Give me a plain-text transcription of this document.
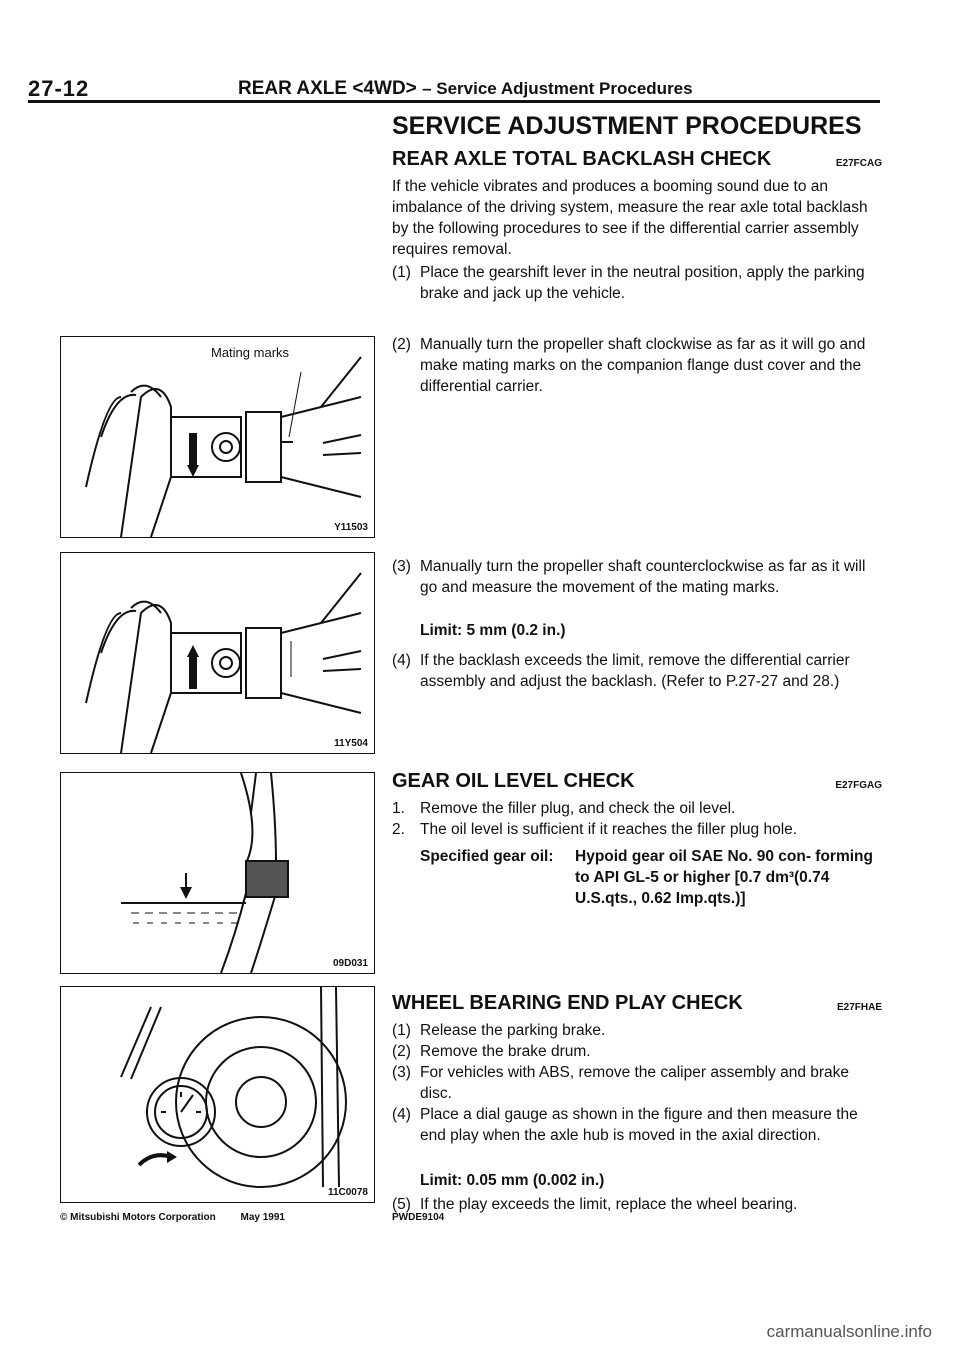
27-12	REAR AXLE <4WD> – Service Adjustment Procedures
SERVICE ADJUSTMENT PROCEDURES
REAR AXLE TOTAL BACKLASH CHECK	E27FCAG
If the vehicle vibrates and produces a booming sound due to an imbalance of the driving system, measure the rear axle total backlash by the following procedures to see if the differential carrier assembly requires removal.
(1) Place the gearshift lever in the neutral position, apply the parking brake and jack up the vehicle.
(2) Manually turn the propeller shaft clockwise as far as it will go and make mating marks on the companion flange dust cover and the differential carrier.
(3) Manually turn the propeller shaft counterclockwise as far as it will go and measure the movement of the mating marks.
Limit: 5 mm (0.2 in.)
(4) If the backlash exceeds the limit, remove the differential carrier assembly and adjust the backlash. (Refer to P.27-27 and 28.)
GEAR OIL LEVEL CHECK	E27FGAG
1. Remove the filler plug, and check the oil level.
2. The oil level is sufficient if it reaches the filler plug hole.
Specified gear oil:	Hypoid gear oil SAE No. 90 con- forming to API GL-5 or higher [0.7 dm³(0.74 U.S.qts., 0.62 Imp.qts.)]
WHEEL BEARING END PLAY CHECK	E27FHAE
(1) Release the parking brake.
(2) Remove the brake drum.
(3) For vehicles with ABS, remove the caliper assembly and brake disc.
(4) Place a dial gauge as shown in the figure and then measure the end play when the axle hub is moved in the axial direction.
Limit: 0.05 mm (0.002 in.)
(5) If the play exceeds the limit, replace the wheel bearing.
Mating marks
Y11503
11Y504
09D031
11C0078
© Mitsubishi Motors Corporation May 1991	PWDE9104
carmanualsonline.info
